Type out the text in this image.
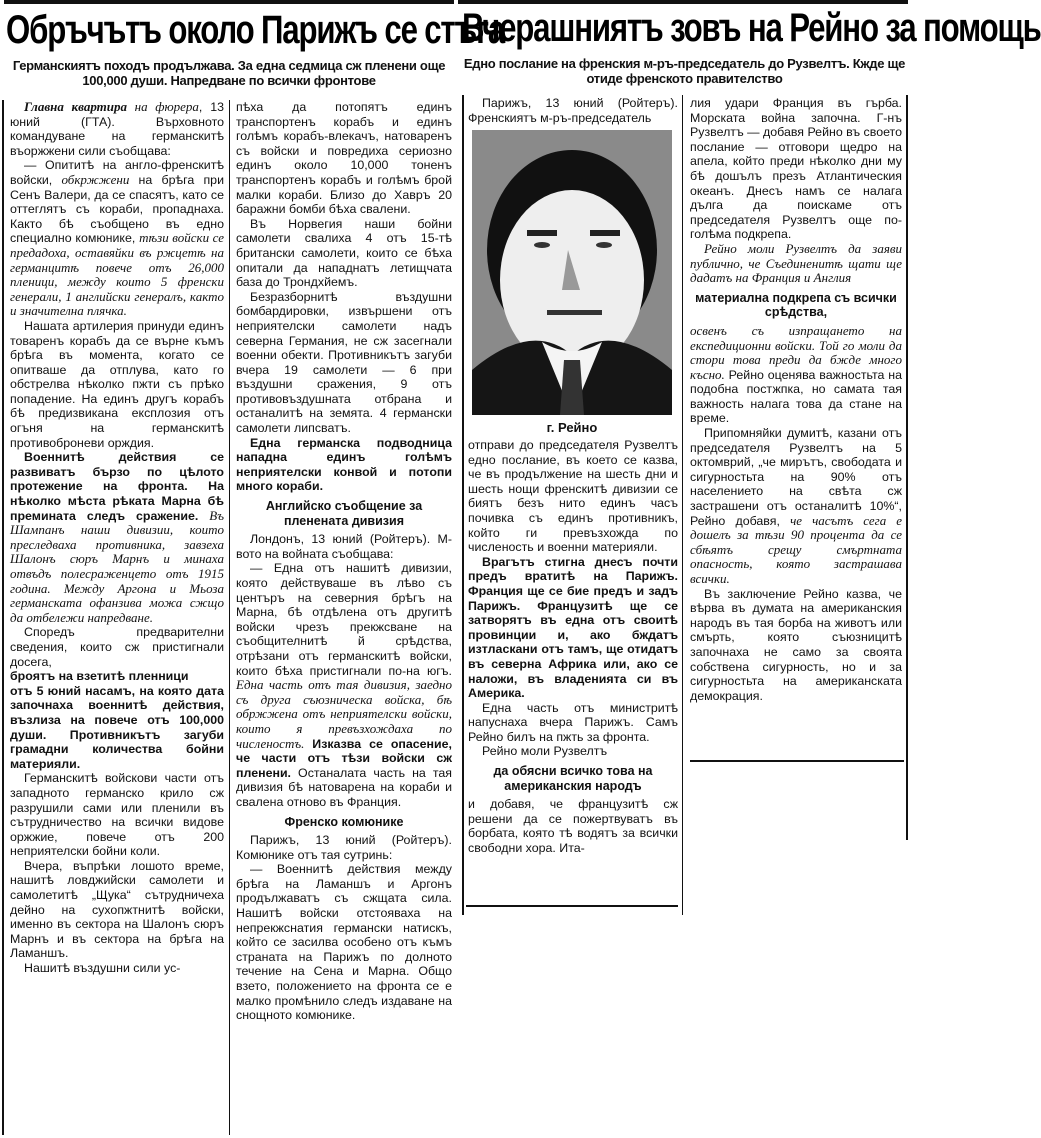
Обръчътъ около Парижъ се стъга
Германскиятъ походъ продължава. За една седмица сж пленени още 100,000 души. Напредване по всички фронтове

Главна квартира на фюрера, 13 юний (ГТА). Върховното командуване на германскитѣ въоржжени сили съобщава:

— Опититѣ на англо-френскитѣ войски, обкржжени на брѣга при Сенъ Валери, да се спасятъ, като се оттеглятъ съ кораби, пропаднаха. Както бѣ съобщено въ едно специално комюнике, тѣзи войски се предадоха, оставяйки въ ржцетѣ на германцитѣ повече отъ 26,000 пленици, между които 5 френски генерали, 1 английски генералъ, както и значителна плячка.

Нашата артилерия принуди единъ товаренъ корабъ да се върне къмъ брѣга въ момента, когато се опитваше да отплува, като го обстрелва нѣколко пжти съ прѣко попадение. На единъ другъ корабъ бѣ предизвикана експлозия отъ огъня на германскитѣ противоброневи орждия.

Военнитѣ действия се развиватъ бързо по цѣлото протежение на фронта. На нѣколко мѣста рѣката Марна бѣ премината следъ сражение. Въ Шампанъ наши дивизии, които преследваха противника, завзеха Шалонъ сюръ Марнъ и минаха отвъдъ полесраженцето отъ 1915 година. Между Аргона и Мьоза германската офанзива можа сжщо да отбележи напредване.

Споредъ предварителни сведения, които сж пристигнали досега,

брoятъ на взетитѣ пленници

отъ 5 юний насамъ, на която дата започнаха военнитѣ действия, възлиза на повече отъ 100,000 души. Противникътъ загуби грамадни количества бойни материяли.

Германскитѣ войскови части отъ западното германско крило сж разрушили сами или пленили въ сътрудничество на всички видове оржжие, повече отъ 200 неприятелски бойни коли.

Вчера, въпрѣки лошото време, нашитѣ ловджийски самолети и самолетитѣ „Щука“ сътрудничеха дейно на сухопжтнитѣ войски, именно въ сектора на Шалонъ сюръ Марнъ и въ сектора на брѣга на Ламаншъ.

Нашитѣ въздушни сили ус-

пѣха да потопятъ единъ транспортенъ корабъ и единъ голѣмъ корабъ-влекачъ, натоваренъ съ войски и повредиха сериозно единъ около 10,000 тоненъ транспортенъ корабъ и голѣмъ брой малки кораби. Близо до Хавръ 20 баражни бомби бѣха свалени.

Въ Норвегия наши бойни самолети свалиха 4 отъ 15-тѣ британски самолети, които се бѣха опитали да нападнатъ летищчата база до Трондхйемъ.

Безразборнитѣ въздушни бомбардировки, извършени отъ неприятелски самолети надъ северна Германия, не сж засегнали военни обекти. Противникътъ загуби вчера 19 самолети — 6 при въздушни сражения, 9 отъ противовъздушната отбрана и останалитѣ на земята. 4 германски самолети липсватъ.

Една германска подводница нападна единъ голѣмъ неприятелски конвой и потопи много кораби.

Английско съобщение за пленената дивизия

Лондонъ, 13 юний (Ройтеръ). М-вото на войната съобщава:

— Една отъ нашитѣ дивизии, която действуваше въ лѣво съ центъръ на северния брѣгъ на Марна, бѣ отдѣлена отъ другитѣ войски чрезъ прекжсване на съобщителнитѣ й срѣдства, отрѣзани отъ германскитѣ войски, които бѣха пристигнали по-на югъ. Една часть отъ тая дивизия, заедно съ друга съюзническа войска, бѣ обржжена отъ неприятелски войски, които я превъзхождаха по численостъ. Изказва се опасение, че части отъ тѣзи войски сж пленени. Останалата часть на тая дивизия бѣ натоварена на кораби и свалена отново въ Франция.

Френско комюнике

Парижъ, 13 юний (Ройтеръ). Комюнике отъ тая сутринь:

— Военнитѣ действия между брѣга на Ламаншъ и Аргонъ продължаватъ съ сжщата сила. Нашитѣ войски отстояваха на непрекжснатия германски натискъ, който се засилва особено отъ къмъ страната на Парижъ по долното течение на Сена и Марна. Общо взето, положението на фронта се е малко промѣнило следъ издаване на снощното комюнике.

Вчерашниятъ зовъ на Рейно за помощь
Едно послание на френския м-ръ-председатель до Рузвелтъ. Кжде ще отиде френското правителство

Парижъ, 13 юний (Ройтеръ). Френскиятъ м-ръ-председатель

г. Рейно

отправи до председателя Рузвелтъ едно послание, въ което се казва, че въ продължение на шесть дни и шесть нощи френскитѣ дивизии се биятъ безъ нито единъ часъ почивка съ единъ противникъ, който ги превъзхожда по численость и военни материяли.

Врагътъ стигна днесъ почти предъ вратитѣ на Парижъ. Франция ще се бие предъ и задъ Парижъ. Французитѣ ще се затворятъ въ една отъ своитѣ провинции и, ако бждатъ изтласкани отъ тамъ, ще отидатъ въ северна Африка или, ако се наложи, въ владенията си въ Америка.

Една часть отъ министритѣ напуснаха вчера Парижъ. Самъ Рейно билъ на пжть за фронта.

Рейно моли Рузвелтъ

да обясни всичко това на американския народъ

и добавя, че французитѣ сж решени да се пожертвуватъ въ борбата, която тѣ водятъ за всички свободни хора. Ита-

лия удари Франция въ гърба. Морската война започна. Г-нъ Рузвелтъ — добавя Рейно въ своето послание — отговори щедро на апела, който преди нѣколко дни му бѣ дошълъ презъ Атлантическия океанъ. Днесъ намъ се налага дълга да поискаме отъ председателя Рузвелтъ още по-голѣма подкрепа.

Рейно моли Рузвелтъ да заяви публично, че Съединенитѣ щати ще дадатъ на Франция и Англия

материална подкрепа съ всички срѣдства,

освенъ съ изпращането на експедиционни войски. Той го моли да стори това преди да бжде много късно. Рейно оценява важностьта на подобна постжпка, но самата тая важность налага това да стане на време.

Припомняйки думитѣ, казани отъ председателя Рузвелтъ на 5 октомврий, „че мирътъ, свободата и сигурностьта на 90% отъ населението на свѣта сж застрашени отъ останалитѣ 10%“, Рейно добавя, че часътъ сега е дошелъ за тѣзи 90 процента да се сбѣятъ срещу смъртната опасность, която застрашава всички.

Въ заключение Рейно казва, че вѣрва въ думата на американския народъ въ тая борба на животъ или смърть, която съюзницитѣ започнаха не само за своята собствена сигурность, но и за сигурностьта на американската демокрация.
